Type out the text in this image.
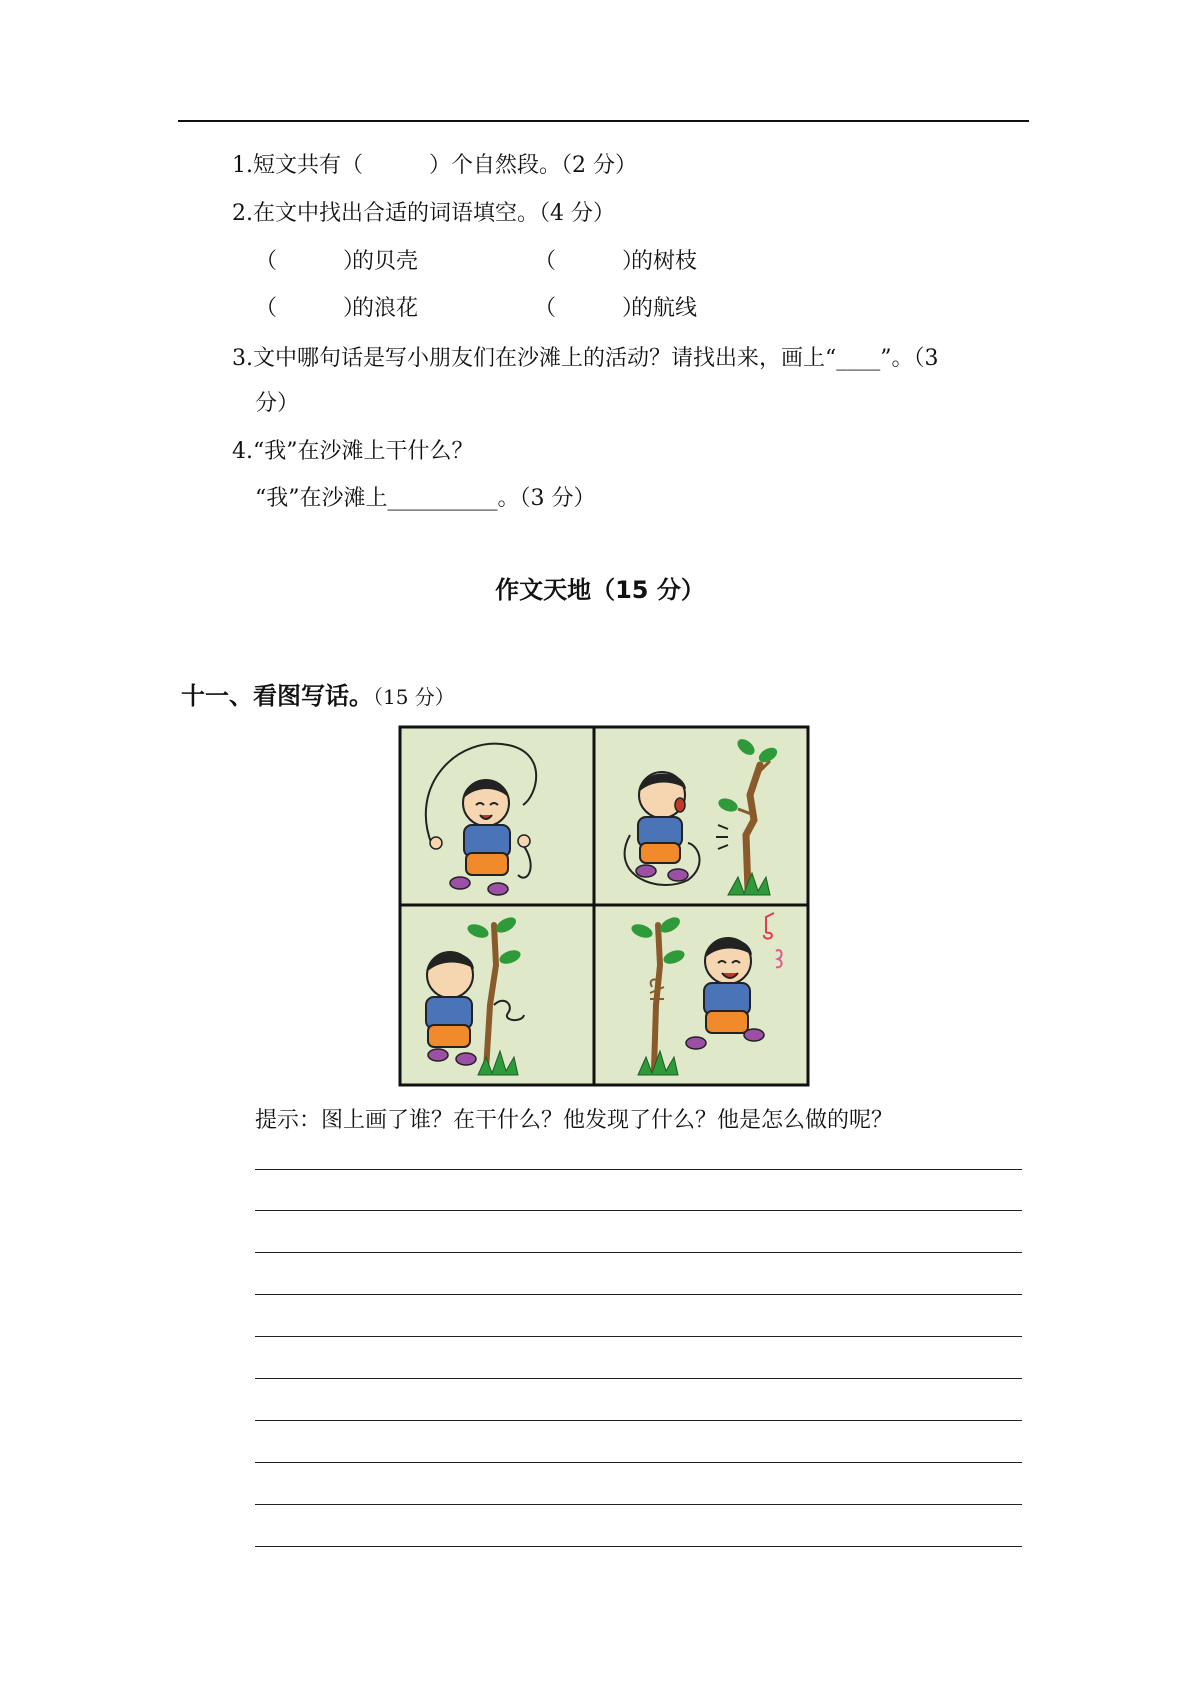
1.短文共有（　　　）个自然段。（2 分）
2.在文中找出合适的词语填空。（4 分）
（　　　）
的贝壳	（　　　）
的树枝
（　　　）
的浪花	（　　　）
的航线
3.文中哪句话是写小朋友们在沙滩上的活动？请找出来，画上“____”。（3
分）
4.“我”在沙滩上干什么？
“我”在沙滩上__________。（3 分）
作文天地（15 分）
十一、看图写话。（15 分）
提示：图上画了谁？在干什么？他发现了什么？他是怎么做的呢？
